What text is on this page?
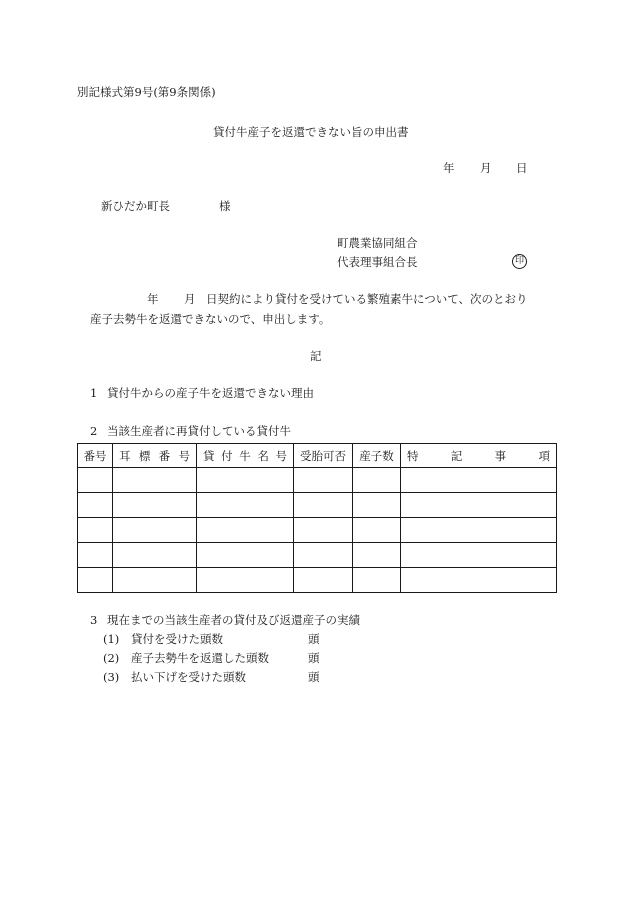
別記様式第9号(第9条関係)
貸付牛産子を返還できない旨の申出書
年 月 日
新ひだか町長	様
町農業協同組合
代表理事組合長	印
年 月 日契約により貸付を受けている繁殖素牛について、次のとおり
産子去勢牛を返還できないので、申出します。
記
1 貸付牛からの産子牛を返還できない理由
2 当該生産者に再貸付している貸付牛
番号	耳 標 番 号	貸 付 牛 名 号	受胎可否	産子数	特 記 事 項

3 現在までの当該生産者の貸付及び返還産子の実績
(1) 貸付を受けた頭数	頭
(2) 産子去勢牛を返還した頭数	頭
(3) 払い下げを受けた頭数	頭
